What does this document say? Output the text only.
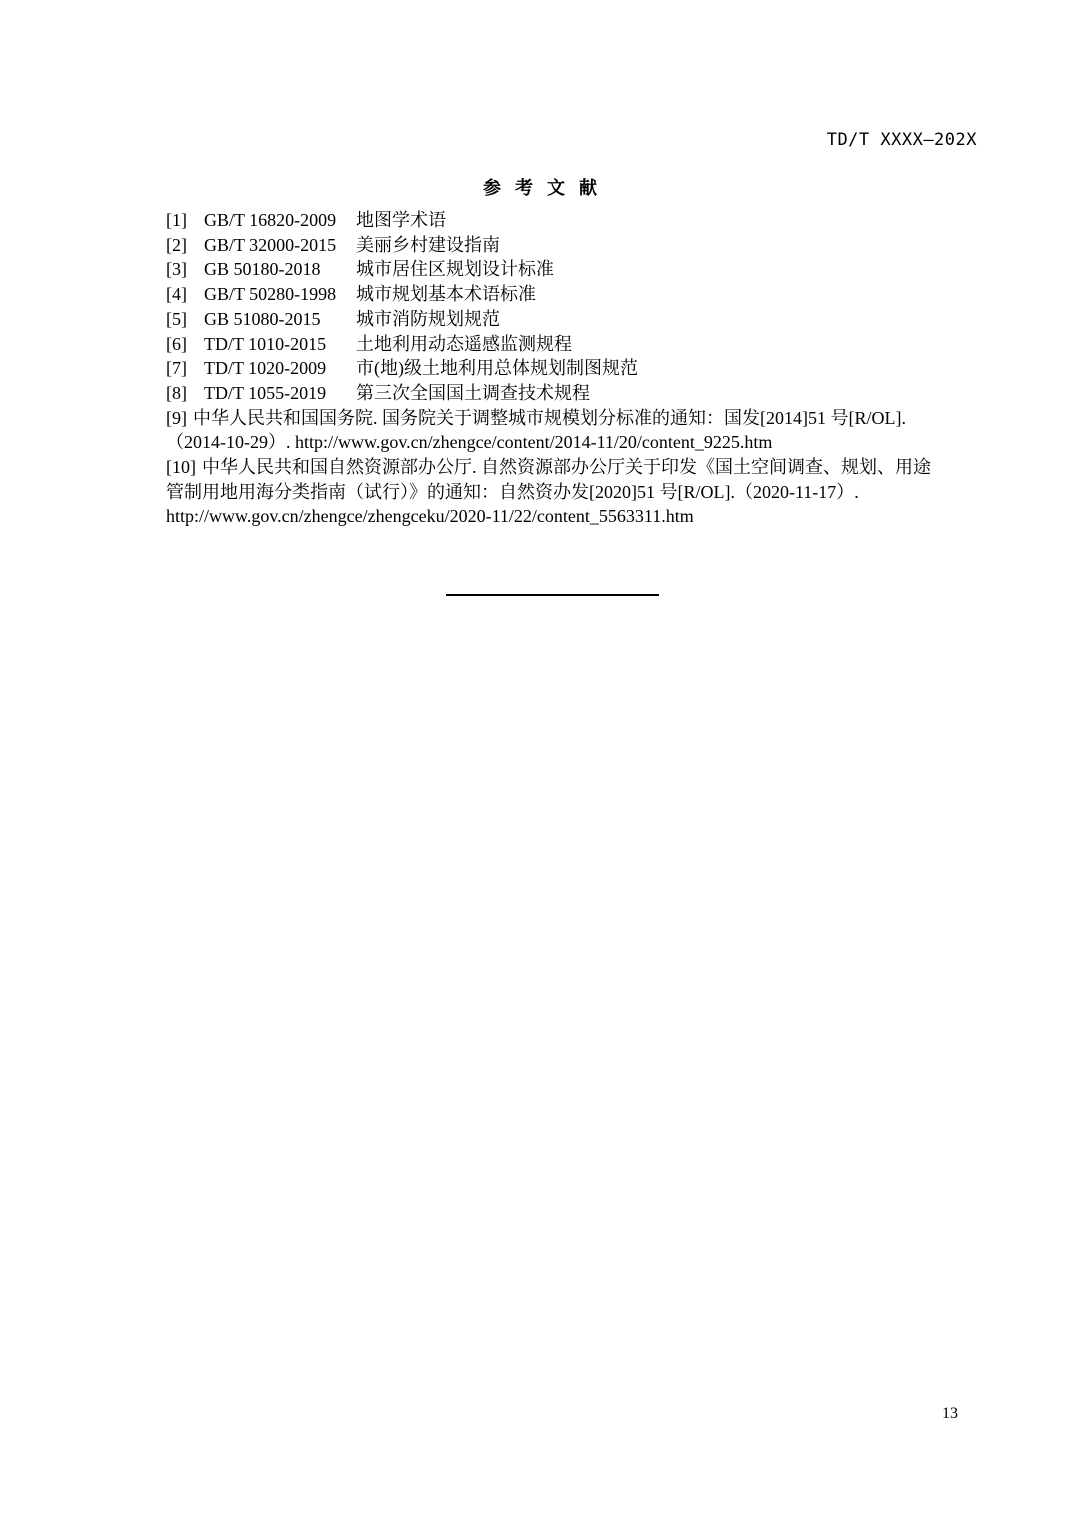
TD/T XXXX—202X
参考文献
[1] GB/T 16820-2009	地图学术语
[2] GB/T 32000-2015	美丽乡村建设指南
[3] GB 50180-2018	城市居住区规划设计标准
[4] GB/T 50280-1998	城市规划基本术语标准
[5] GB 51080-2015	城市消防规划规范
[6] TD/T 1010-2015	土地利用动态遥感监测规程
[7] TD/T 1020-2009	市(地)级土地利用总体规划制图规范
[8] TD/T 1055-2019	第三次全国国土调查技术规程
[9] 中华人民共和国国务院. 国务院关于调整城市规模划分标准的通知：国发[2014]51 号[R/OL].
（2014-10-29）. http://www.gov.cn/zhengce/content/2014-11/20/content_9225.htm
[10] 中华人民共和国自然资源部办公厅. 自然资源部办公厅关于印发《国土空间调查、规划、用途
管制用地用海分类指南（试行）》的通知：自然资办发[2020]51 号[R/OL].（2020-11-17）.
http://www.gov.cn/zhengce/zhengceku/2020-11/22/content_5563311.htm
13
